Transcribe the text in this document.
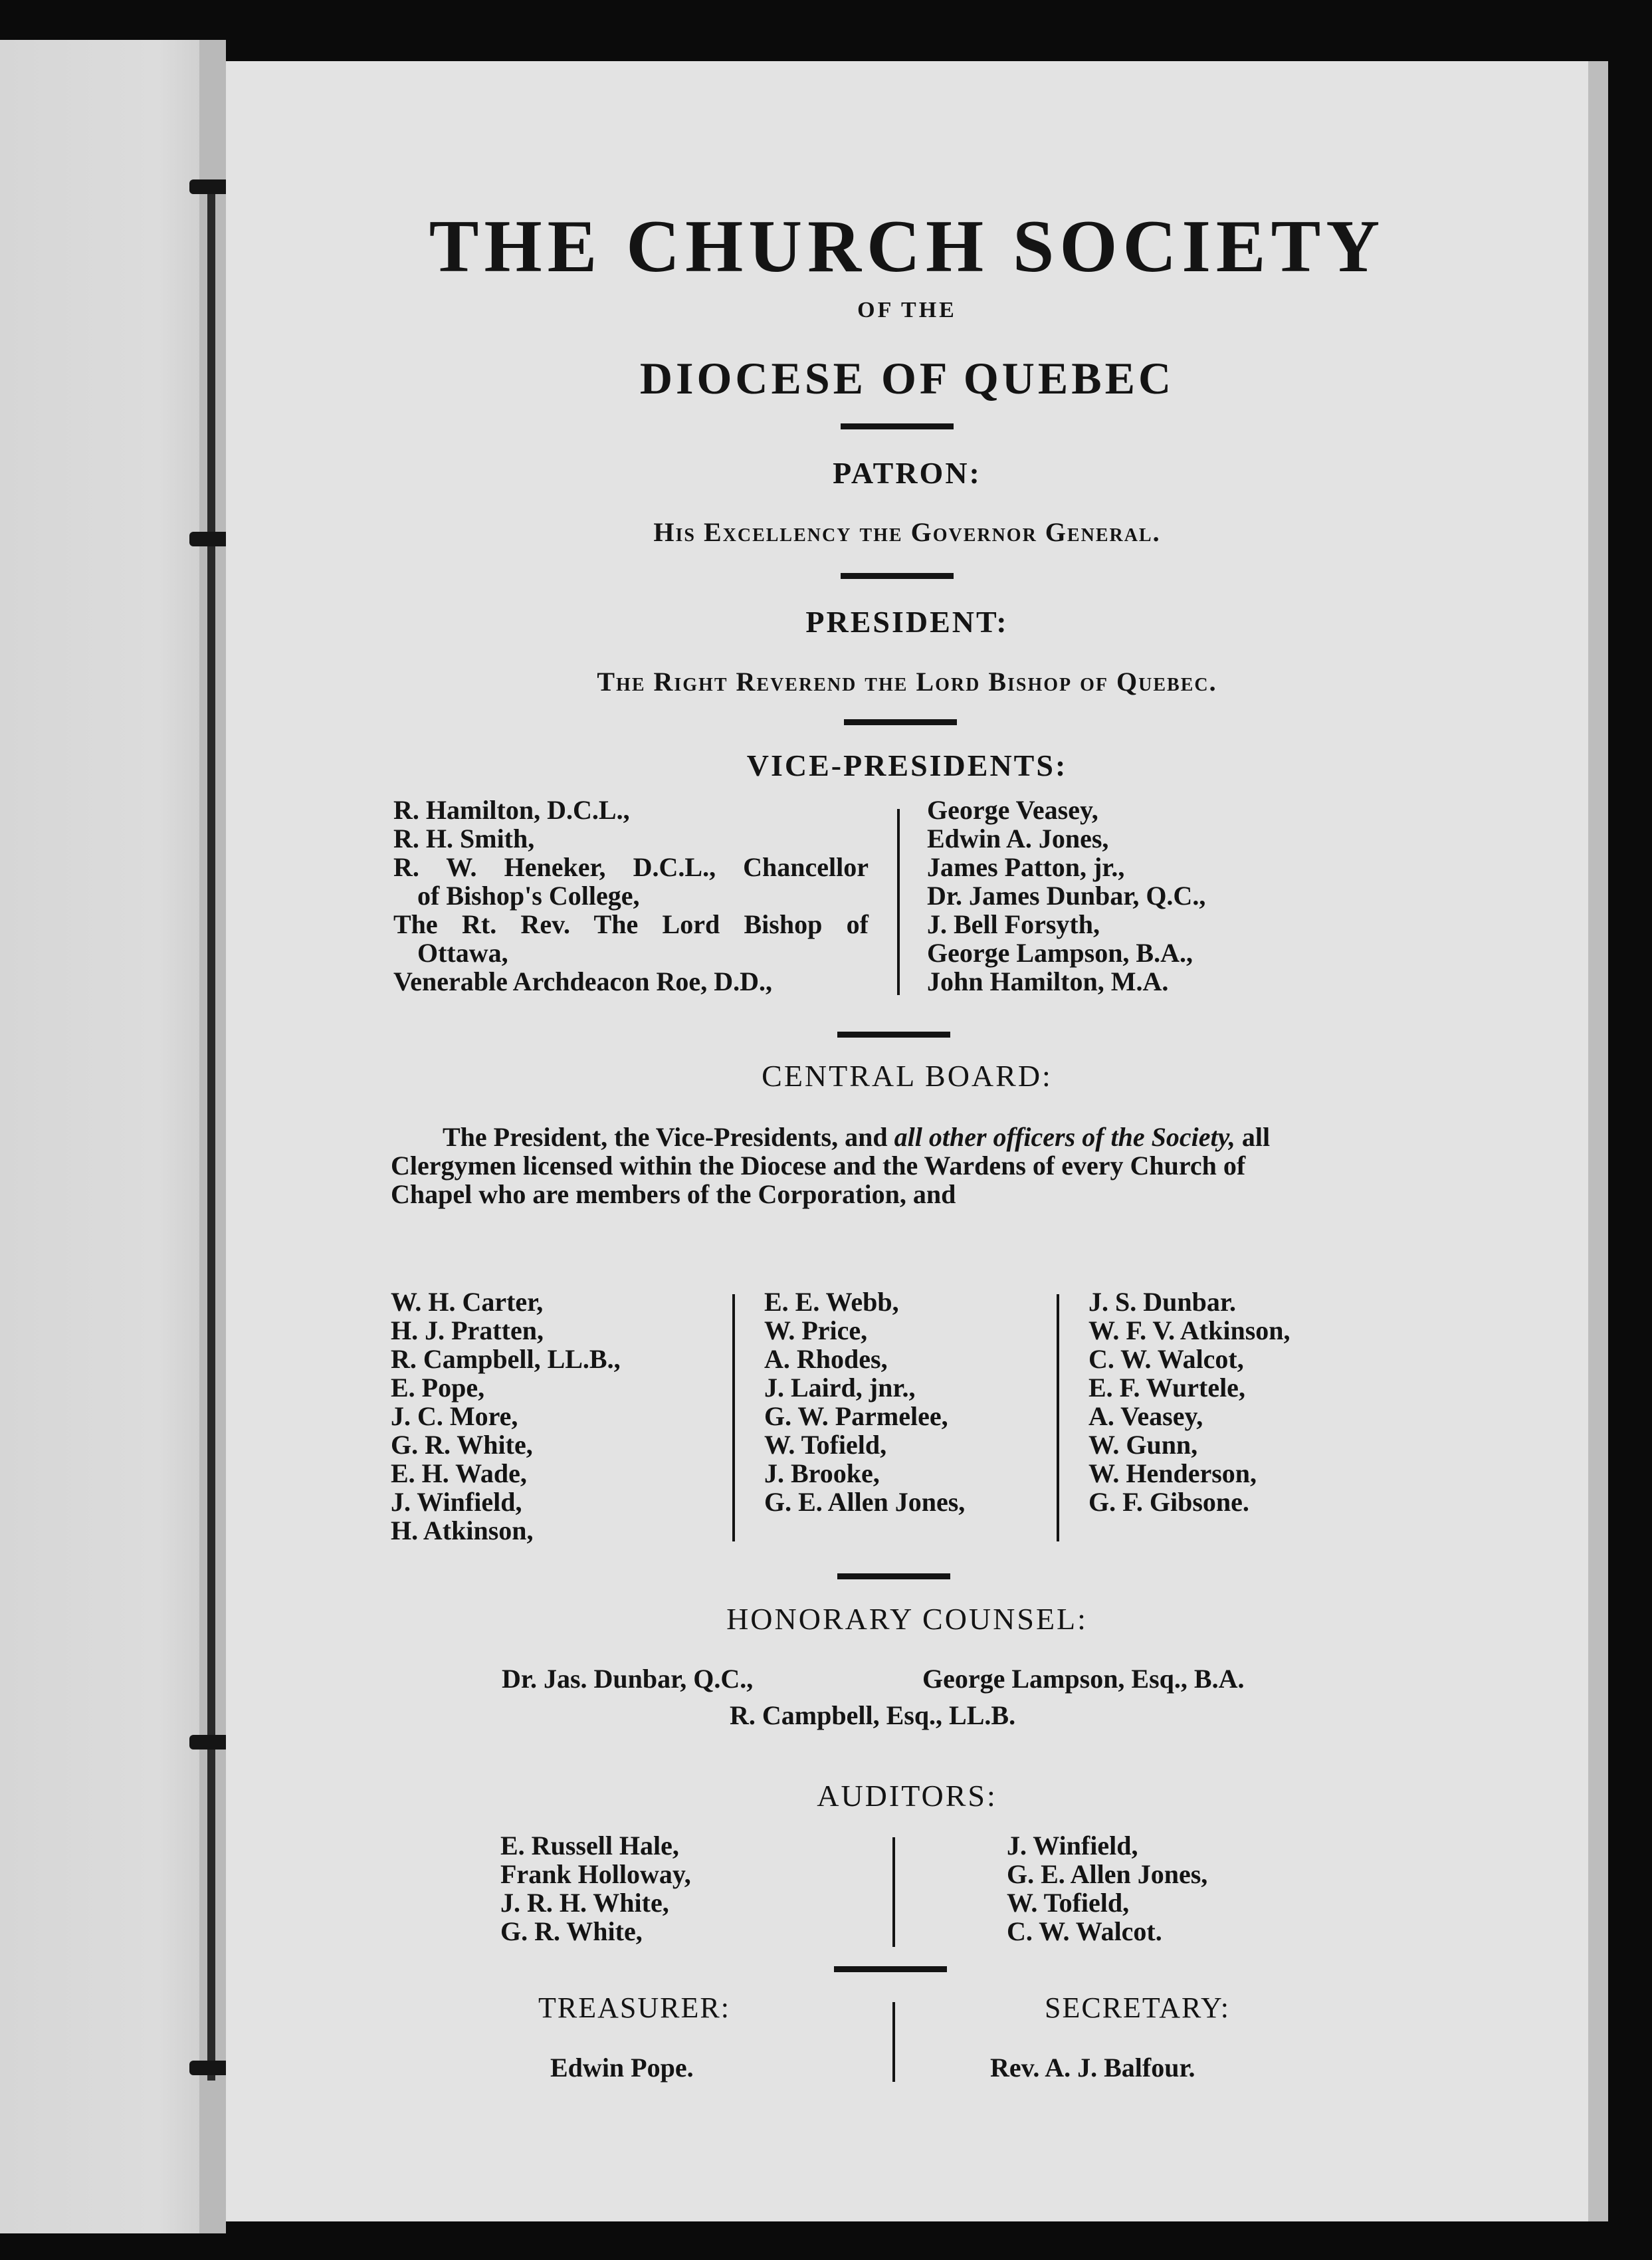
THE CHURCH SOCIETY
OF THE
DIOCESE OF QUEBEC
PATRON:
His Excellency the Governor General.
PRESIDENT:
The Right Reverend the Lord Bishop of Quebec.
VICE-PRESIDENTS:
R. Hamilton, D.C.L.,
R. H. Smith,
R. W. Heneker, D.C.L., Chancellor
of Bishop's College,
The Rt. Rev. The Lord Bishop of
Ottawa,
Venerable Archdeacon Roe, D.D.,
George Veasey,
Edwin A. Jones,
James Patton, jr.,
Dr. James Dunbar, Q.C.,
J. Bell Forsyth,
George Lampson, B.A.,
John Hamilton, M.A.
CENTRAL BOARD:
The President, the Vice-Presidents, and all other officers of the Society, all
Clergymen licensed within the Diocese and the Wardens of every Church of
Chapel who are members of the Corporation, and
W. H. Carter,
H. J. Pratten,
R. Campbell, LL.B.,
E. Pope,
J. C. More,
G. R. White,
E. H. Wade,
J. Winfield,
H. Atkinson,
E. E. Webb,
W. Price,
A. Rhodes,
J. Laird, jnr.,
G. W. Parmelee,
W. Tofield,
J. Brooke,
G. E. Allen Jones,
J. S. Dunbar.
W. F. V. Atkinson,
C. W. Walcot,
E. F. Wurtele,
A. Veasey,
W. Gunn,
W. Henderson,
G. F. Gibsone.
HONORARY COUNSEL:
Dr. Jas. Dunbar, Q.C.,	George Lampson, Esq., B.A.
R. Campbell, Esq., LL.B.
AUDITORS:
E. Russell Hale,
Frank Holloway,
J. R. H. White,
G. R. White,
J. Winfield,
G. E. Allen Jones,
W. Tofield,
C. W. Walcot.
TREASURER:
Edwin Pope.
SECRETARY:
Rev. A. J. Balfour.
